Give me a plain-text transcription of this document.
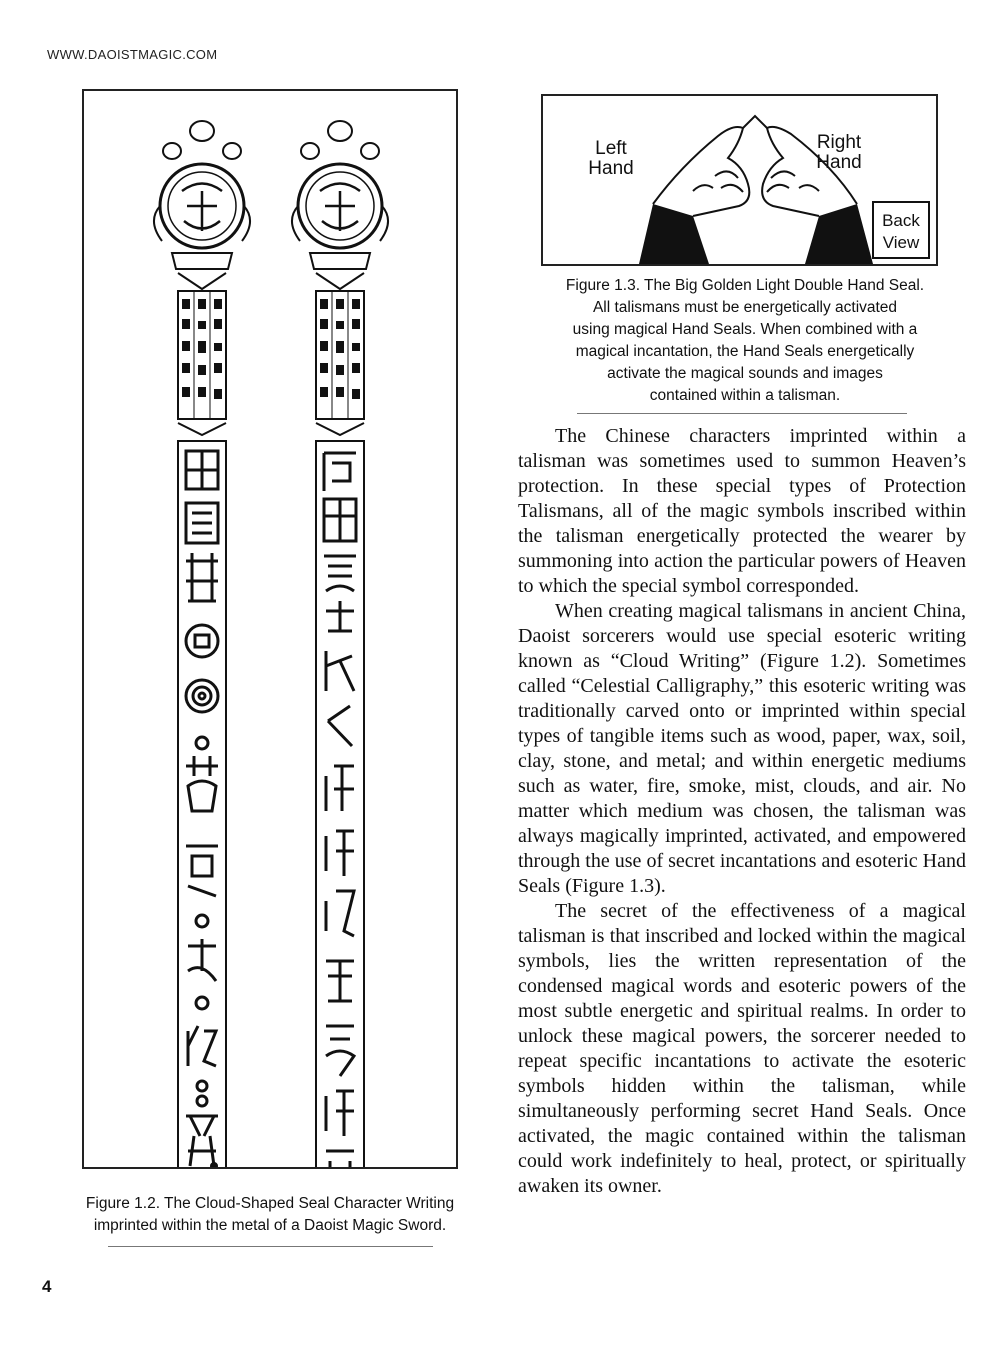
WWW.DAOISTMAGIC.COM
Figure 1.2. The Cloud-Shaped Seal Character Writing
imprinted within the metal of a Daoist Magic Sword.
Left
Hand
Right
Hand
Back
View
Figure 1.3. The Big Golden Light Double Hand Seal.
All talismans must be energetically activated
using magical Hand Seals. When combined with a
magical incantation, the Hand Seals energetically
activate the magical sounds and images
contained within a talisman.

The Chinese characters imprinted within a talisman was sometimes used to summon Heaven’s protection. In these special types of Protection Talismans, all of the magic symbols inscribed within the talisman energetically protected the wearer by summoning into action the particular powers of Heaven to which the special symbol corresponded.

When creating magical talismans in ancient China, Daoist sorcerers would use special esoteric writing known as “Cloud Writing” (Figure 1.2). Sometimes called “Celestial Calligraphy,” this esoteric writing was traditionally carved onto or imprinted within special types of tangible items such as wood, paper, wax, soil, clay, stone, and metal; and within energetic mediums such as water, fire, smoke, mist, clouds, and air. No matter which medium was chosen, the talisman was always magically imprinted, activated, and empowered through the use of secret incantations and esoteric Hand Seals (Figure 1.3).

The secret of the effectiveness of a magical talisman is that inscribed and locked within the magical symbols, lies the written representation of the condensed magical words and esoteric powers of the most subtle energetic and spiritual realms. In order to unlock these magical powers, the sorcerer needed to repeat specific incantations to activate the esoteric symbols hidden within the talisman, while simultaneously performing secret Hand Seals. Once activated, the magic contained within the talisman could work indefinitely to heal, protect, or spiritually awaken its owner.

4
